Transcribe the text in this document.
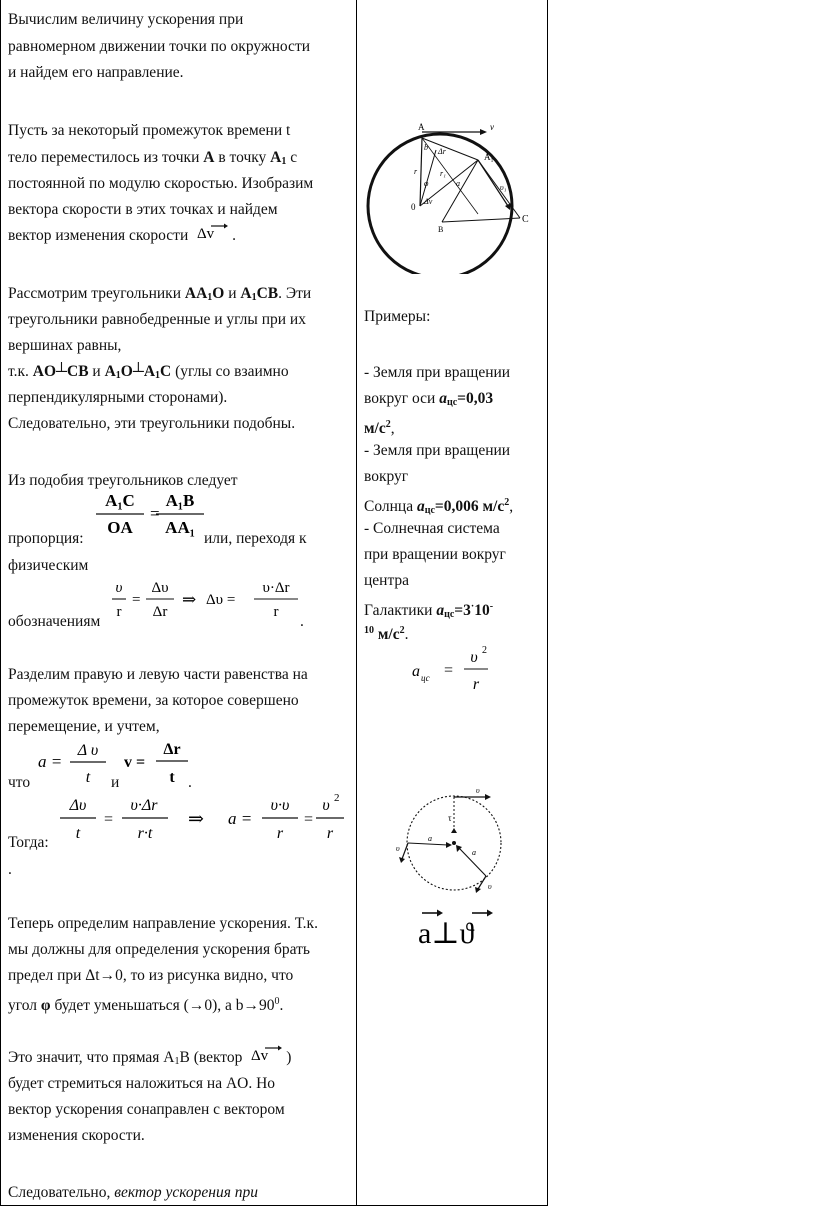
Вычислим величину ускорения при
равномерном движении точки по окружности
и найдем его направление.
Пусть за некоторый промежуток времени t
тело переместилось из точки A в точку $A_1$ с
постоянной по модулю скоростью. Изобразим
вектора скорости в этих точках и найдем
вектор изменения скорости Δv .
Рассмотрим треугольники $AA_1O$ и $A_1CB$. Эти
треугольники равнобедренные и углы при их
вершинах равны,
т.к. AO┴CB и $A_1O┴A_1C$ (углы со взаимно
перпендикулярными сторонами).
Следовательно, эти треугольники подобны.
Из подобия треугольников следует
пропорция:	или, переходя к
физическим
обозначениям	.
Разделим правую и левую части равенства на
промежуток времени, за которое совершено
перемещение, и учтем,
что	и	.
Тогда:
.
Теперь определим направление ускорения. Т.к.
мы должны для определения ускорения брать
предел при Δt→0, то из рисунка видно, что
угол φ будет уменьшаться (→0), а $b\to 90^0$.
Это значит, что прямая $A_1B$ (вектор Δv )
будет стремиться наложиться на AO. Но
вектор ускорения сонаправлен с вектором
изменения скорости.
Следовательно, вектор ускорения при
A₁C
OA
=
A₁B
AA₁
υ
r
=
Δυ
Δr
⇒ Δυ =
υ·Δr
r
a =
Δ υ
t
v =
Δr
t
Δυ
t
=
υ·Δr
r·t
⇒ a =
υ·υ
r
=
υ 2
r
A
A₁
v
0
B
C
υ₁
r	r₁
Δr
Δv
φ
b
a
Примеры:
- Земля при вращении
вокруг оси $a_{цс}=0,03$
$м/с^2$,
- Земля при вращении
вокруг
Солнца $a_{цс}=0,006$ $м/с^2$,
- Солнечная система
при вращении вокруг
центра
Галактики $a_{цс}=3^\cdot 10^-$
$^{10}$ $м/с^2$.
a цс =
υ 2
r
τ
υ
υ
a
a
υ
a⊥ϑ
